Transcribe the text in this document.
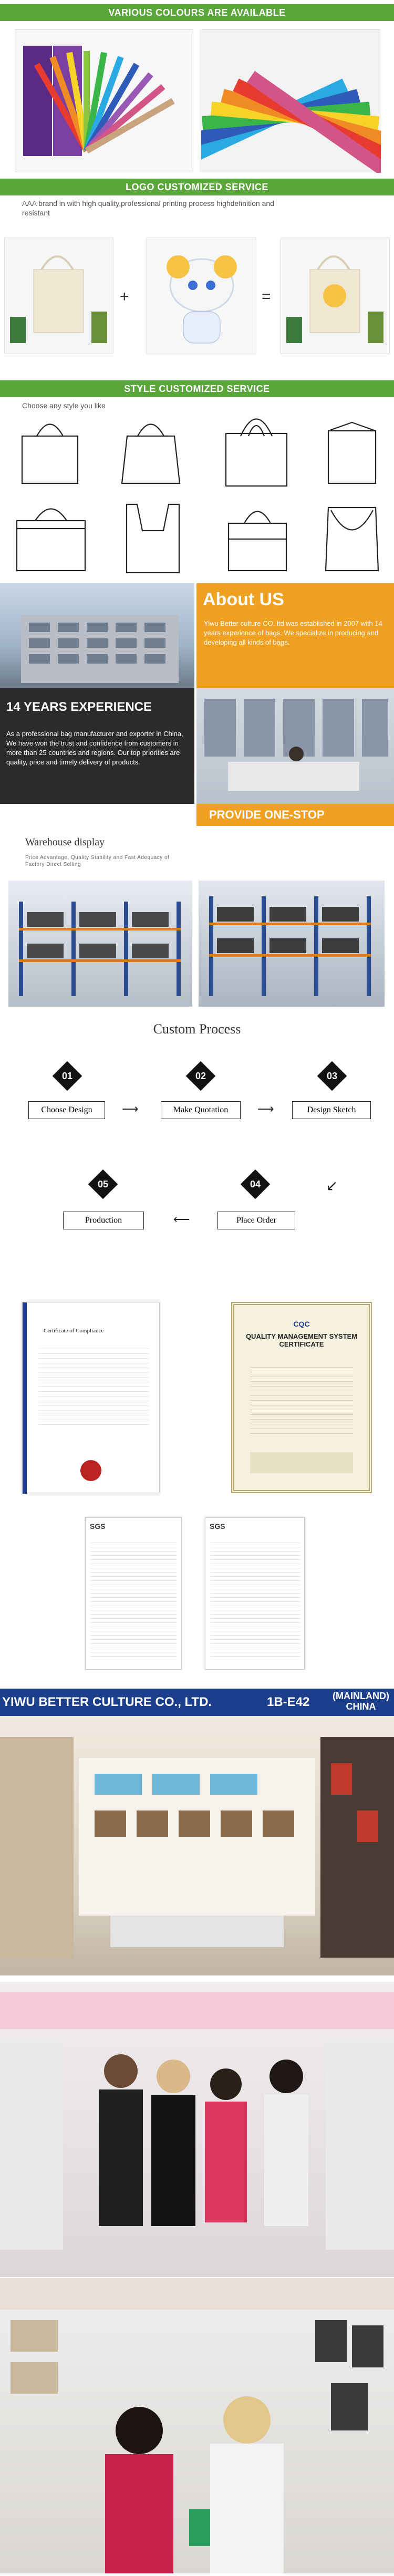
VARIOUS COLOURS ARE AVAILABLE
LOGO CUSTOMIZED SERVICE
AAA brand in with high quality,professional printing process highdefinition and resistant
+	=
STYLE CUSTOMIZED SERVICE
Choose any style you like
About US
Yiwu Better culture CO. ltd was established in 2007 with 14 years experience of bags. We specialize in producing and developing all kinds of bags.
14 YEARS EXPERIENCE
As a professional bag manufacturer and exporter in China, We have won the trust and confidence from customers in more than 25 countries and regions. Our top priorities are quality, price and timely delivery of products.
PROVIDE ONE-STOP
Warehouse display
Price Advantage, Quality Stability and Fast Adequacy of Factory Direct Selling
Custom Process
01
Choose Design	⟶
02
Make Quotation	⟶
03
Design Sketch
↙
04
Place Order
⟵
05
Production
Certificate of Compliance
CQC
QUALITY MANAGEMENT SYSTEM CERTIFICATE
SGS	SGS
YIWU BETTER CULTURE CO., LTD.	1B-E42 (MAINLAND) CHINA
